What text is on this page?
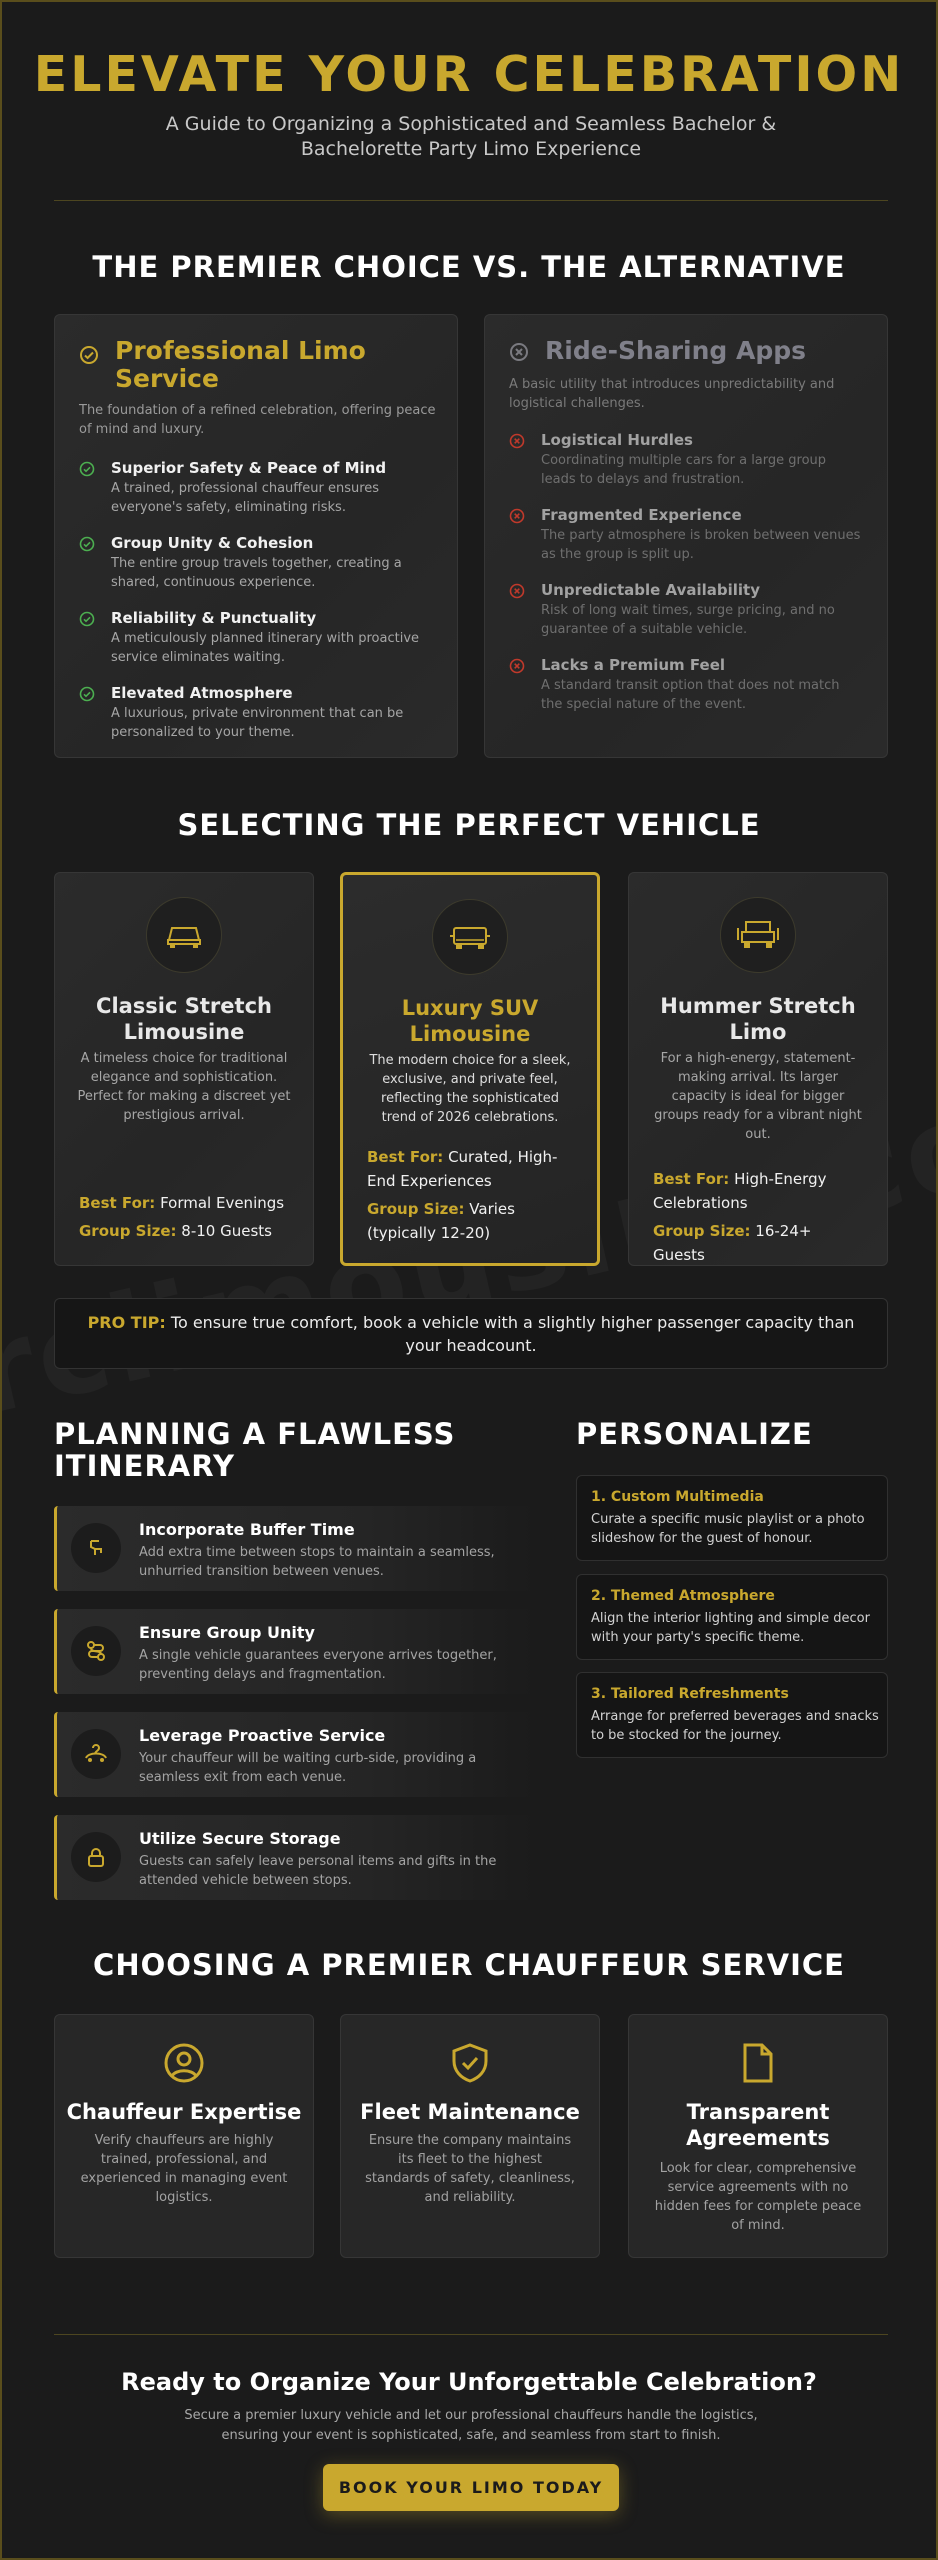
ELEVATE YOUR CELEBRATION
A Guide to Organizing a Sophisticated and Seamless Bachelor & Bachelorette Party Limo Experience
THE PREMIER CHOICE VS. THE ALTERNATIVE
Professional Limo Service
The foundation of a refined celebration, offering peace of mind and luxury.
Superior Safety & Peace of Mind
A trained, professional chauffeur ensures everyone's safety, eliminating risks.
Group Unity & Cohesion
The entire group travels together, creating a shared, continuous experience.
Reliability & Punctuality
A meticulously planned itinerary with proactive service eliminates waiting.
Elevated Atmosphere
A luxurious, private environment that can be personalized to your theme.
Ride-Sharing Apps
A basic utility that introduces unpredictability and logistical challenges.
Logistical Hurdles
Coordinating multiple cars for a large group leads to delays and frustration.
Fragmented Experience
The party atmosphere is broken between venues as the group is split up.
Unpredictable Availability
Risk of long wait times, surge pricing, and no guarantee of a suitable vehicle.
Lacks a Premium Feel
A standard transit option that does not match the special nature of the event.
SELECTING THE PERFECT VEHICLE
Classic Stretch Limousine
A timeless choice for traditional elegance and sophistication. Perfect for making a discreet yet prestigious arrival.
Best For: Formal Evenings
Group Size: 8-10 Guests
Luxury SUV Limousine
The modern choice for a sleek, exclusive, and private feel, reflecting the sophisticated trend of 2026 celebrations.
Best For: Curated, High-End Experiences
Group Size: Varies (typically 12-20)
Hummer Stretch Limo
For a high-energy, statement-making arrival. Its larger capacity is ideal for bigger groups ready for a vibrant night out.
Best For: High-Energy Celebrations
Group Size: 16-24+ Guests
PRO TIP: To ensure true comfort, book a vehicle with a slightly higher passenger capacity than your headcount.
PLANNING A FLAWLESS ITINERARY
Incorporate Buffer Time
Add extra time between stops to maintain a seamless, unhurried transition between venues.
Ensure Group Unity
A single vehicle guarantees everyone arrives together, preventing delays and fragmentation.
Leverage Proactive Service
Your chauffeur will be waiting curb-side, providing a seamless exit from each venue.
Utilize Secure Storage
Guests can safely leave personal items and gifts in the attended vehicle between stops.
PERSONALIZE
1. Custom Multimedia
Curate a specific music playlist or a photo slideshow for the guest of honour.
2. Themed Atmosphere
Align the interior lighting and simple decor with your party's specific theme.
3. Tailored Refreshments
Arrange for preferred beverages and snacks to be stocked for the journey.
CHOOSING A PREMIER CHAUFFEUR SERVICE
Chauffeur Expertise
Verify chauffeurs are highly trained, professional, and experienced in managing event logistics.
Fleet Maintenance
Ensure the company maintains its fleet to the highest standards of safety, cleanliness, and reliability.
Transparent Agreements
Look for clear, comprehensive service agreements with no hidden fees for complete peace of mind.
Ready to Organize Your Unforgettable Celebration?
Secure a premier luxury vehicle and let our professional chauffeurs handle the logistics, ensuring your event is sophisticated, safe, and seamless from start to finish.
BOOK YOUR LIMO TODAY
